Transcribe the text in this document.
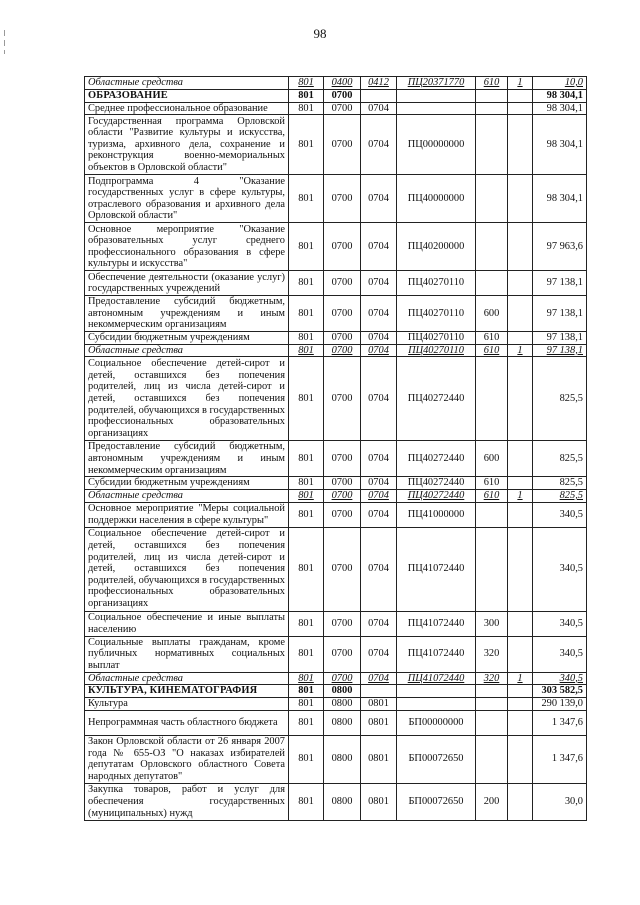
98
Областные средства	801	0400	0412	ПЦ20371770	610	1	10,0
ОБРАЗОВАНИЕ	801	0700					98 304,1
Среднее профессиональное образование	801	0700	0704				98 304,1
Государственная программа Орловской области "Развитие культуры и искусства, туризма, архивного дела, сохранение и реконструкция военно-мемориальных объектов в Орловской области"	801	0700	0704	ПЦ00000000			98 304,1
Подпрограмма 4 "Оказание государственных услуг в сфере культуры, отраслевого образования и архивного дела Орловской области"	801	0700	0704	ПЦ40000000			98 304,1
Основное мероприятие "Оказание образовательных услуг среднего профессионального образования в сфере культуры и искусства"	801	0700	0704	ПЦ40200000			97 963,6
Обеспечение деятельности (оказание услуг) государственных учреждений	801	0700	0704	ПЦ40270110			97 138,1
Предоставление субсидий бюджетным, автономным учреждениям и иным некоммерческим организациям	801	0700	0704	ПЦ40270110	600		97 138,1
Субсидии бюджетным учреждениям	801	0700	0704	ПЦ40270110	610		97 138,1
Областные средства	801	0700	0704	ПЦ40270110	610	1	97 138,1
Социальное обеспечение детей-сирот и детей, оставшихся без попечения родителей, лиц из числа детей-сирот и детей, оставшихся без попечения родителей, обучающихся в государственных профессиональных образовательных организациях	801	0700	0704	ПЦ40272440			825,5
Предоставление субсидий бюджетным, автономным учреждениям и иным некоммерческим организациям	801	0700	0704	ПЦ40272440	600		825,5
Субсидии бюджетным учреждениям	801	0700	0704	ПЦ40272440	610		825,5
Областные средства	801	0700	0704	ПЦ40272440	610	1	825,5
Основное мероприятие "Меры социальной поддержки населения в сфере культуры"	801	0700	0704	ПЦ41000000			340,5
Социальное обеспечение детей-сирот и детей, оставшихся без попечения родителей, лиц из числа детей-сирот и детей, оставшихся без попечения родителей, обучающихся в государственных профессиональных образовательных организациях	801	0700	0704	ПЦ41072440			340,5
Социальное обеспечение и иные выплаты населению	801	0700	0704	ПЦ41072440	300		340,5
Социальные выплаты гражданам, кроме публичных нормативных социальных выплат	801	0700	0704	ПЦ41072440	320		340,5
Областные средства	801	0700	0704	ПЦ41072440	320	1	340,5
КУЛЬТУРА, КИНЕМАТОГРАФИЯ	801	0800					303 582,5
Культура	801	0800	0801				290 139,0
Непрограммная часть областного бюджета	801	0800	0801	БП00000000			1 347,6
Закон Орловской области от 26 января 2007 года № 655-ОЗ "О наказах избирателей депутатам Орловского областного Совета народных депутатов"	801	0800	0801	БП00072650			1 347,6
Закупка товаров, работ и услуг для обеспечения государственных (муниципальных) нужд	801	0800	0801	БП00072650	200		30,0
